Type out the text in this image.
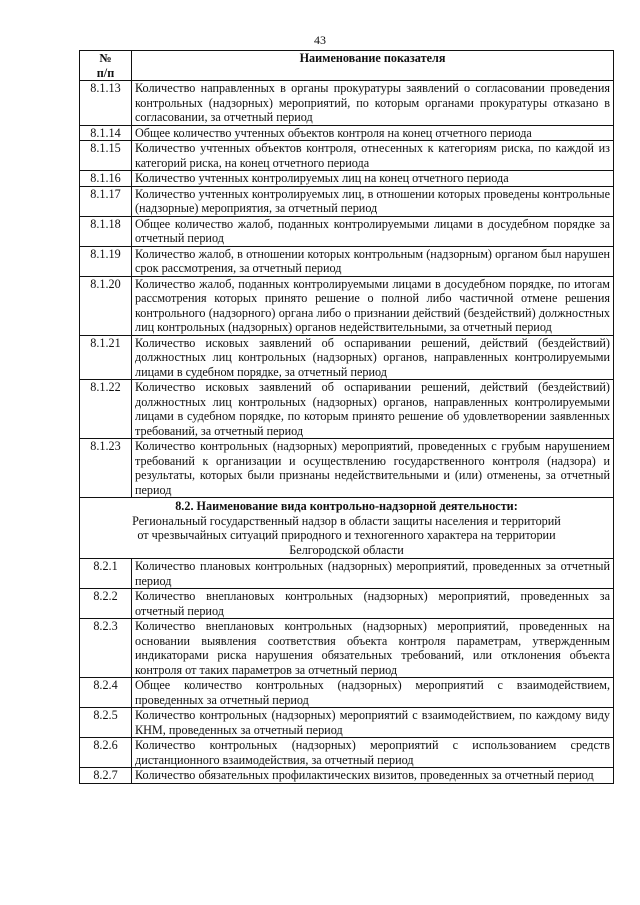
43
№
п/п	Наименование показателя
8.1.13	Количество направленных в органы прокуратуры заявлений о согласовании проведения контрольных (надзорных) мероприятий, по которым органами прокуратуры отказано в согласовании, за отчетный период
8.1.14	Общее количество учтенных объектов контроля на конец отчетного периода
8.1.15	Количество учтенных объектов контроля, отнесенных к категориям риска, по каждой из категорий риска, на конец отчетного периода
8.1.16	Количество учтенных контролируемых лиц на конец отчетного периода
8.1.17	Количество учтенных контролируемых лиц, в отношении которых проведены контрольные (надзорные) мероприятия, за отчетный период
8.1.18	Общее количество жалоб, поданных контролируемыми лицами в досудебном порядке за отчетный период
8.1.19	Количество жалоб, в отношении которых контрольным (надзорным) органом был нарушен срок рассмотрения, за отчетный период
8.1.20	Количество жалоб, поданных контролируемыми лицами в досудебном порядке, по итогам рассмотрения которых принято решение о полной либо частичной отмене решения контрольного (надзорного) органа либо о признании действий (бездействий) должностных лиц контрольных (надзорных) органов недействительными, за отчетный период
8.1.21	Количество исковых заявлений об оспаривании решений, действий (бездействий) должностных лиц контрольных (надзорных) органов, направленных контролируемыми лицами в судебном порядке, за отчетный период
8.1.22	Количество исковых заявлений об оспаривании решений, действий (бездействий) должностных лиц контрольных (надзорных) органов, направленных контролируемыми лицами в судебном порядке, по которым принято решение об удовлетворении заявленных требований, за отчетный период
8.1.23	Количество контрольных (надзорных) мероприятий, проведенных с грубым нарушением требований к организации и осуществлению государственного контроля (надзора) и результаты, которых были признаны недействительными и (или) отменены, за отчетный период

8.2. Наименование вида контрольно-надзорной деятельности:
Региональный государственный надзор в области защиты населения и территорий
от чрезвычайных ситуаций природного и техногенного характера на территории
Белгородской области	

8.2.1	Количество плановых контрольных (надзорных) мероприятий, проведенных за отчетный период
8.2.2	Количество внеплановых контрольных (надзорных) мероприятий, проведенных за отчетный период
8.2.3	Количество внеплановых контрольных (надзорных) мероприятий, проведенных на основании выявления соответствия объекта контроля параметрам, утвержденным индикаторами риска нарушения обязательных требований, или отклонения объекта контроля от таких параметров за отчетный период
8.2.4	Общее количество контрольных (надзорных) мероприятий с взаимодействием, проведенных за отчетный период
8.2.5	Количество контрольных (надзорных) мероприятий с взаимодействием, по каждому виду КНМ, проведенных за отчетный период
8.2.6	Количество контрольных (надзорных) мероприятий с использованием средств дистанционного взаимодействия, за отчетный период
8.2.7	Количество обязательных профилактических визитов, проведенных за отчетный период
